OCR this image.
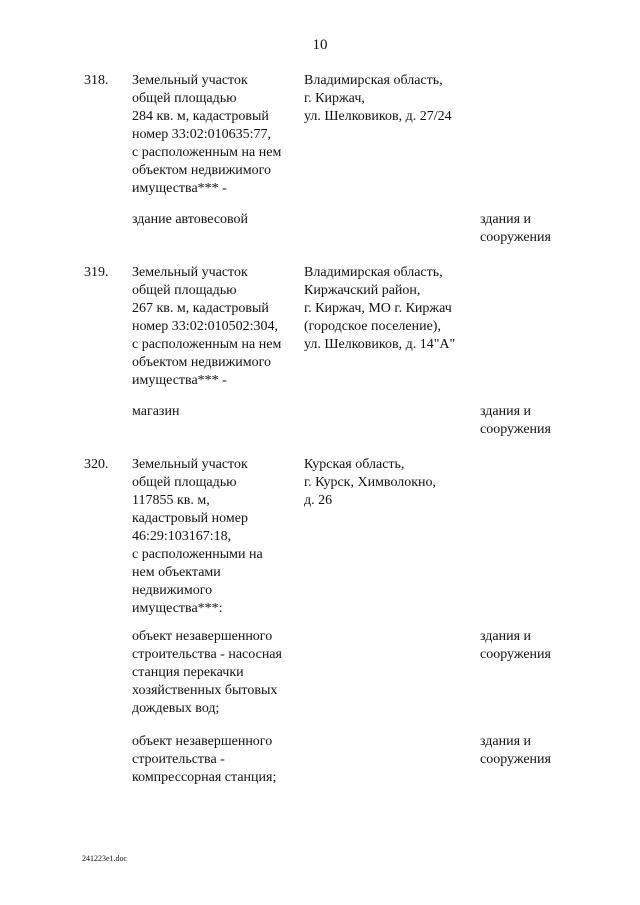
10
318. Земельный участок
общей площадью
284 кв. м, кадастровый
номер 33:02:010635:77,
с расположенным на нем
объектом недвижимого
имущества*** -
Владимирская область,
г. Киржач,
ул. Шелковиков, д. 27/24
здание автовесовой	здания и
сооружения
319. Земельный участок
общей площадью
267 кв. м, кадастровый
номер 33:02:010502:304,
с расположенным на нем
объектом недвижимого
имущества*** -
Владимирская область,
Киржачский район,
г. Киржач, МО г. Киржач
(городское поселение),
ул. Шелковиков, д. 14"А"
магазин	здания и
сооружения
320. Земельный участок
общей площадью
117855 кв. м,
кадастровый номер
46:29:103167:18,
с расположенными на
нем объектами
недвижимого
имущества***:
Курская область,
г. Курск, Химволокно,
д. 26
объект незавершенного
строительства - насосная
станция перекачки
хозяйственных бытовых
дождевых вод;
здания и
сооружения
объект незавершенного
строительства -
компрессорная станция;
здания и
сооружения
241223e1.doc
